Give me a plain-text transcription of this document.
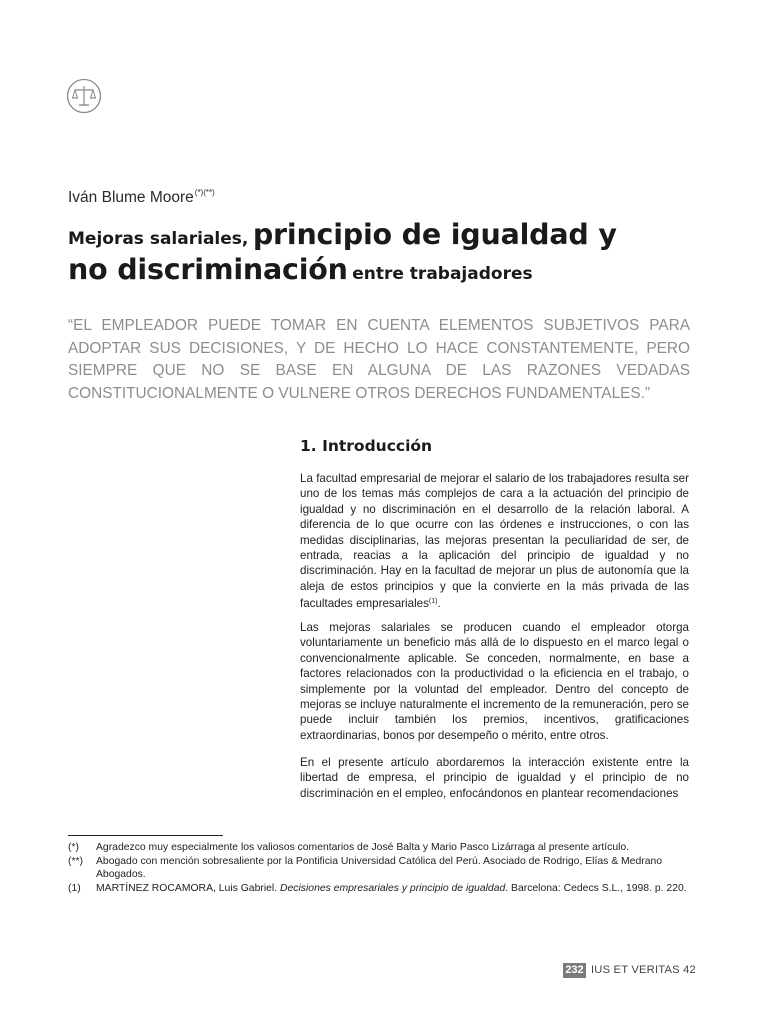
Iván Blume Moore(*)(**)
Mejoras salariales, principio de igualdad y
no discriminación entre trabajadores
“EL EMPLEADOR PUEDE TOMAR EN CUENTA ELEMENTOS SUBJETIVOS PARA ADOPTAR SUS DECISIONES, Y DE HECHO LO HACE CONSTANTEMENTE, PERO SIEMPRE QUE NO SE BASE EN ALGUNA DE LAS RAZONES VEDADAS CONSTITUCIONALMENTE O VULNERE OTROS DERECHOS FUNDAMENTALES.”
1. Introducción
La facultad empresarial de mejorar el salario de los trabajadores resulta ser uno de los temas más complejos de cara a la actuación del principio de igualdad y no discriminación en el desarrollo de la relación laboral. A diferencia de lo que ocurre con las órdenes e instrucciones, o con las medidas disciplinarias, las mejoras presentan la peculiaridad de ser, de entrada, reacias a la aplicación del principio de igualdad y no discriminación. Hay en la facultad de mejorar un plus de autonomía que la aleja de estos principios y que la convierte en la más privada de las facultades empresariales$^{(1)}$.
Las mejoras salariales se producen cuando el empleador otorga voluntariamente un beneficio más allá de lo dispuesto en el marco legal o convencionalmente aplicable. Se conceden, normalmente, en base a factores relacionados con la productividad o la eficiencia en el trabajo, o simplemente por la voluntad del empleador. Dentro del concepto de mejoras se incluye naturalmente el incremento de la remuneración, pero se puede incluir también los premios, incentivos, gratificaciones extraordinarias, bonos por desempeño o mérito, entre otros.
En el presente artículo abordaremos la interacción existente entre la libertad de empresa, el principio de igualdad y el principio de no discriminación en el empleo, enfocándonos en plantear recomendaciones
(*)	Agradezco muy especialmente los valiosos comentarios de José Balta y Mario Pasco Lizárraga al presente artículo.
(**)	Abogado con mención sobresaliente por la Pontificia Universidad Católica del Perú. Asociado de Rodrigo, Elías & Medrano Abogados.
(1)	MARTÍNEZ ROCAMORA, Luis Gabriel. Decisiones empresariales y principio de igualdad. Barcelona: Cedecs S.L., 1998. p. 220.
232 IUS ET VERITAS 42
